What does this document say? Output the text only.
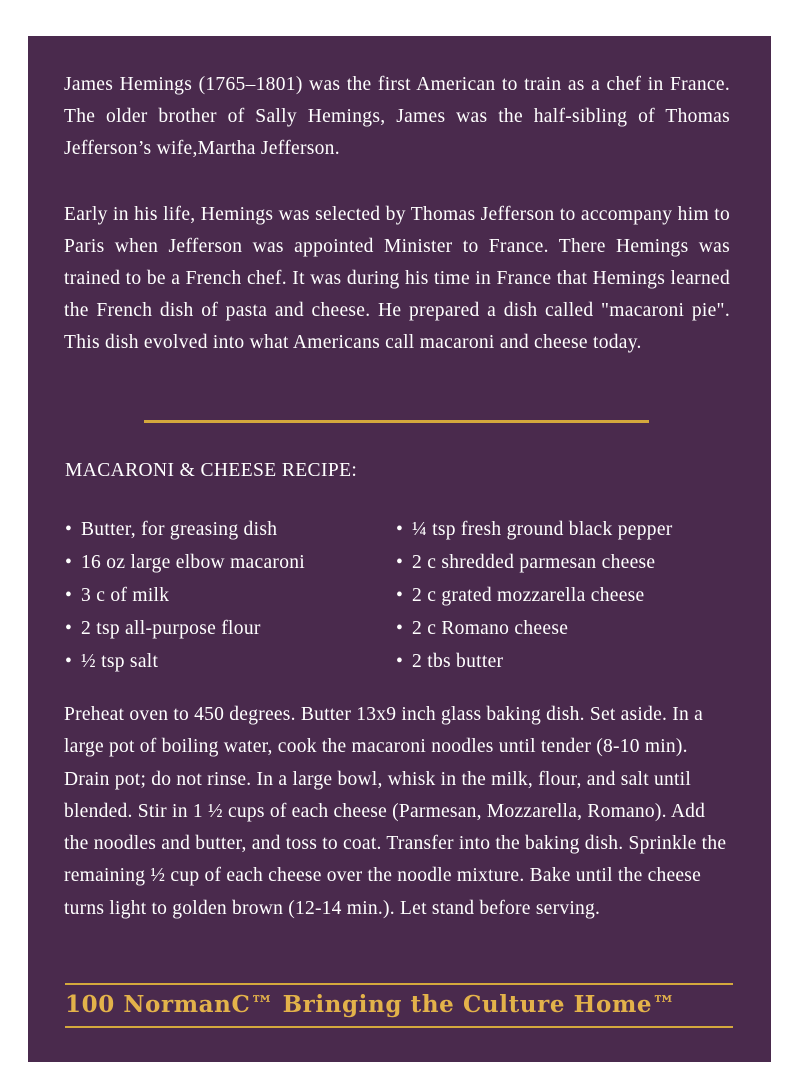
James Hemings (1765–1801) was the first American to train as a chef in France. The older brother of Sally Hemings, James was the half-sibling of Thomas Jefferson’s wife,Martha Jefferson.

Early in his life, Hemings was selected by Thomas Jefferson to accompany him to Paris when Jefferson was appointed Minister to France. There Hemings was trained to be a French chef. It was during his time in France that Hemings learned the French dish of pasta and cheese. He prepared a dish called "macaroni pie". This dish evolved into what Americans call macaroni and cheese today.

MACARONI & CHEESE RECIPE:
• Butter, for greasing dish
• 16 oz large elbow macaroni
• 3 c of milk
• 2 tsp all-purpose flour
• ½ tsp salt
• ¼ tsp fresh ground black pepper
• 2 c shredded parmesan cheese
• 2 c grated mozzarella cheese
• 2 c Romano cheese
• 2 tbs butter

Preheat oven to 450 degrees. Butter 13x9 inch glass baking dish. Set aside. In a large pot of boiling water, cook the macaroni noodles until tender (8-10 min). Drain pot; do not rinse. In a large bowl, whisk in the milk, flour, and salt until blended. Stir in 1 ½ cups of each cheese (Parmesan, Mozzarella, Romano). Add the noodles and butter, and toss to coat. Transfer into the baking dish. Sprinkle the remaining ½ cup of each cheese over the noodle mixture. Bake until the cheese turns light to golden brown (12-14 min.). Let stand before serving.

100 NormanC™ Bringing the Culture Home™
